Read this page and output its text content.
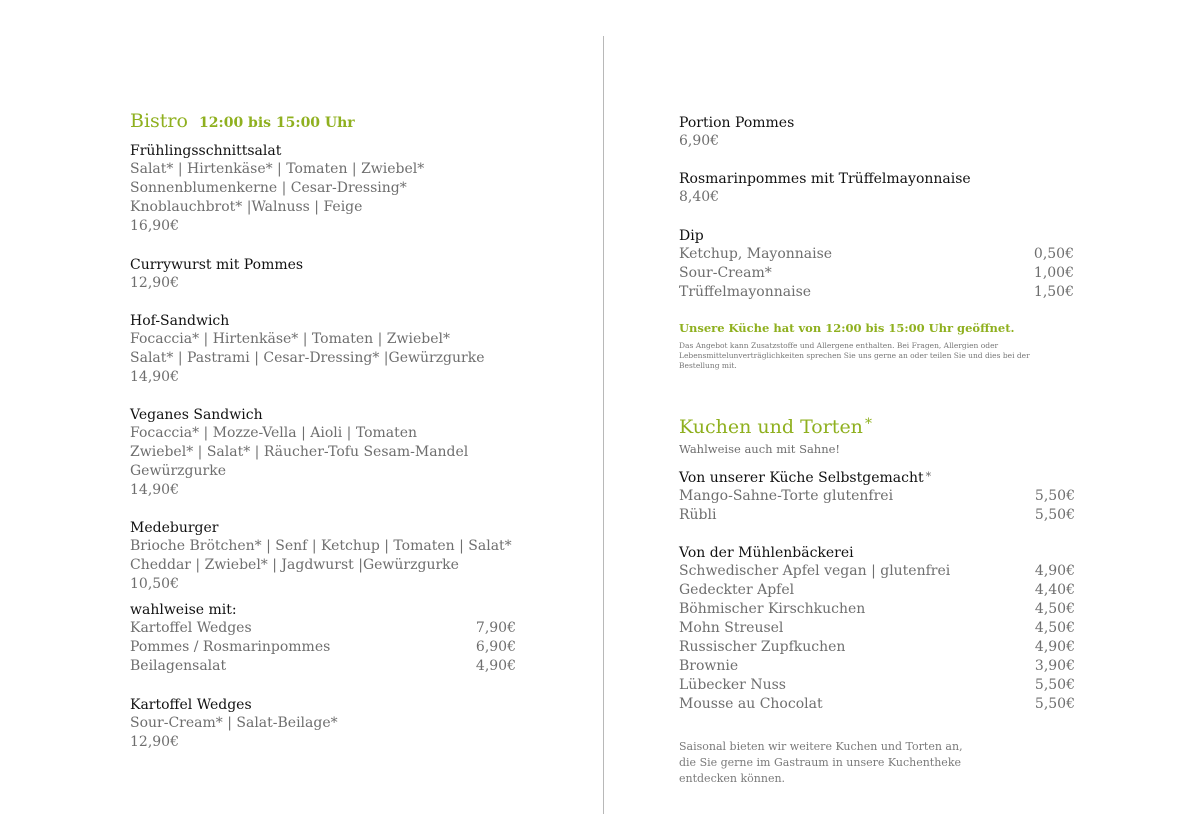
Bistro 12:00 bis 15:00 Uhr
Frühlingsschnittsalat
Salat* | Hirtenkäse* | Tomaten | Zwiebel*
Sonnenblumenkerne | Cesar-Dressing*
Knoblauchbrot* |Walnuss | Feige
16,90€
Currywurst mit Pommes
12,90€
Hof-Sandwich
Focaccia* | Hirtenkäse* | Tomaten | Zwiebel*
Salat* | Pastrami | Cesar-Dressing* |Gewürzgurke
14,90€
Veganes Sandwich
Focaccia* | Mozze-Vella | Aioli | Tomaten
Zwiebel* | Salat* | Räucher-Tofu Sesam-Mandel
Gewürzgurke
14,90€
Medeburger
Brioche Brötchen* | Senf | Ketchup | Tomaten | Salat*
Cheddar | Zwiebel* | Jagdwurst |Gewürzgurke
10,50€
wahlweise mit:
Kartoffel Wedges	7,90€
Pommes / Rosmarinpommes	6,90€
Beilagensalat	4,90€
Kartoffel Wedges
Sour-Cream* | Salat-Beilage*
12,90€
Portion Pommes
6,90€
Rosmarinpommes mit Trüffelmayonnaise
8,40€
Dip
Ketchup, Mayonnaise	0,50€
Sour-Cream*	1,00€
Trüffelmayonnaise	1,50€
Unsere Küche hat von 12:00 bis 15:00 Uhr geöffnet.
Das Angebot kann Zusatzstoffe und Allergene enthalten. Bei Fragen, Allergien oder Lebensmittelunverträglichkeiten sprechen Sie uns gerne an oder teilen Sie und dies bei der Bestellung mit.
Kuchen und Torten *
Wahlweise auch mit Sahne!
Von unserer Küche Selbstgemacht *
Mango-Sahne-Torte glutenfrei	5,50€
Rübli	5,50€
Von der Mühlenbäckerei
Schwedischer Apfel vegan | glutenfrei	4,90€
Gedeckter Apfel	4,40€
Böhmischer Kirschkuchen	4,50€
Mohn Streusel	4,50€
Russischer Zupfkuchen	4,90€
Brownie	3,90€
Lübecker Nuss	5,50€
Mousse au Chocolat	5,50€
Saisonal bieten wir weitere Kuchen und Torten an,
die Sie gerne im Gastraum in unsere Kuchentheke
entdecken können.
